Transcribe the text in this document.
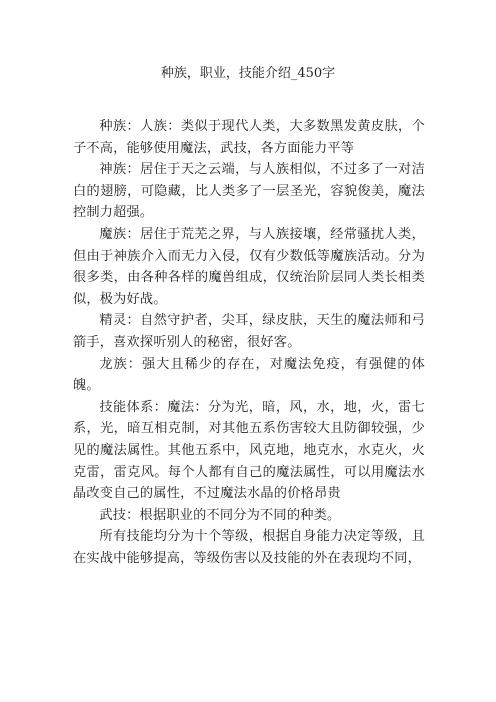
种族，职业，技能介绍_450字

种族：人族：类似于现代人类，大多数黑发黄皮肤，个子不高，能够使用魔法，武技，各方面能力平等

神族：居住于天之云端，与人族相似，不过多了一对洁白的翅膀，可隐藏，比人类多了一层圣光，容貌俊美，魔法控制力超强。

魔族：居住于荒芜之界，与人族接壤，经常骚扰人类，但由于神族介入而无力入侵，仅有少数低等魔族活动。分为很多类，由各种各样的魔兽组成，仅统治阶层同人类长相类似，极为好战。

精灵：自然守护者，尖耳，绿皮肤，天生的魔法师和弓箭手，喜欢探听别人的秘密，很好客。

龙族：强大且稀少的存在，对魔法免疫，有强健的体魄。

技能体系：魔法：分为光，暗，风，水，地，火，雷七系，光，暗互相克制，对其他五系伤害较大且防御较强，少见的魔法属性。其他五系中，风克地，地克水，水克火，火克雷，雷克风。每个人都有自己的魔法属性，可以用魔法水晶改变自己的属性，不过魔法水晶的价格昂贵

武技：根据职业的不同分为不同的种类。

所有技能均分为十个等级，根据自身能力决定等级，且在实战中能够提高，等级伤害以及技能的外在表现均不同，
